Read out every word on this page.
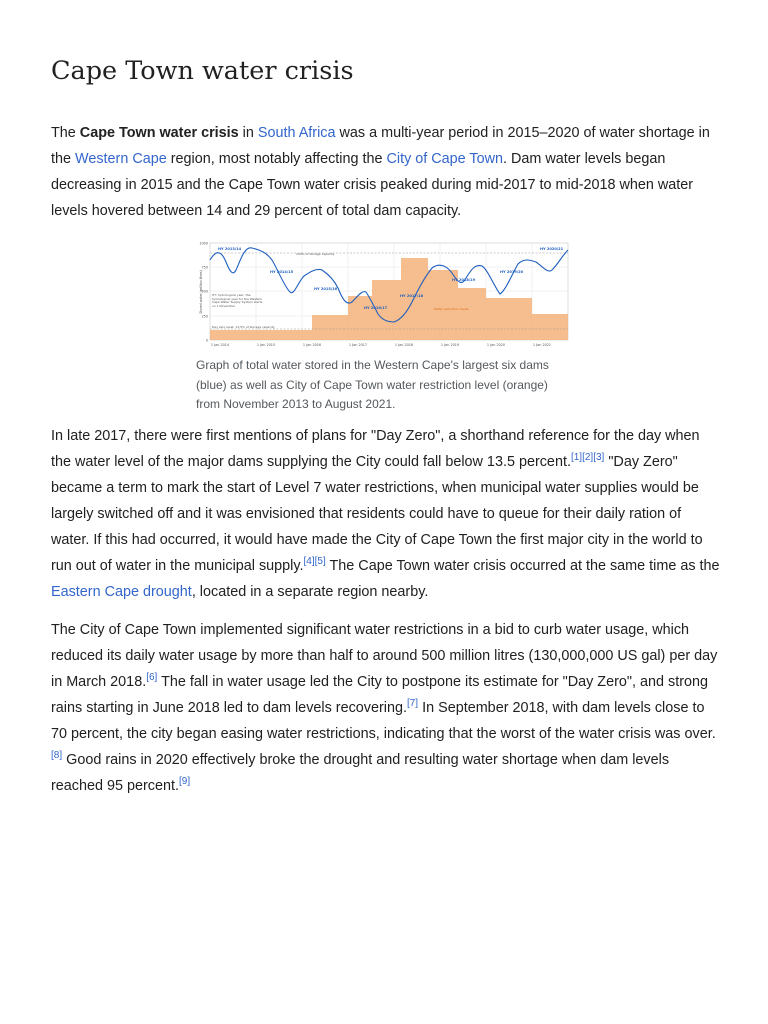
Cape Town water crisis

The Cape Town water crisis in South Africa was a multi-year period in 2015–2020 of water shortage in the Western Cape region, most notably affecting the City of Cape Town. Dam water levels began decreasing in 2015 and the Cape Town water crisis peaked during mid-2017 to mid-2018 when water levels hovered between 14 and 29 percent of total dam capacity.

1000
750
500
250
0
Stored water (million litres)
1 Jan 2014	1 Jan 2015	1 Jan 2016	1 Jan 2017	1 Jan 2018	1 Jan 2019	1 Jan 2020	1 Jan 2021
HY 2013/14
HY 2014/15
HY 2015/16
HY 2016/17
HY 2017/18
HY 2018/19
HY 2019/20
HY 2020/21
100% of storage capacity
Day zero level: 13.5% of storage capacity
HY: hydrological year; the hydrological year for the Western Cape Water Supply System starts on 1 November
Water restriction levels

Graph of total water stored in the Western Cape's largest six dams (blue) as well as City of Cape Town water restriction level (orange) from November 2013 to August 2021.

In late 2017, there were first mentions of plans for "Day Zero", a shorthand reference for the day when the water level of the major dams supplying the City could fall below 13.5 percent.[1][2][3] "Day Zero" became a term to mark the start of Level 7 water restrictions, when municipal water supplies would be largely switched off and it was envisioned that residents could have to queue for their daily ration of water. If this had occurred, it would have made the City of Cape Town the first major city in the world to run out of water in the municipal supply.[4][5] The Cape Town water crisis occurred at the same time as the Eastern Cape drought, located in a separate region nearby.

The City of Cape Town implemented significant water restrictions in a bid to curb water usage, which reduced its daily water usage by more than half to around 500 million litres (130,000,000 US gal) per day in March 2018.[6] The fall in water usage led the City to postpone its estimate for "Day Zero", and strong rains starting in June 2018 led to dam levels recovering.[7] In September 2018, with dam levels close to 70 percent, the city began easing water restrictions, indicating that the worst of the water crisis was over.[8] Good rains in 2020 effectively broke the drought and resulting water shortage when dam levels reached 95 percent.[9]
